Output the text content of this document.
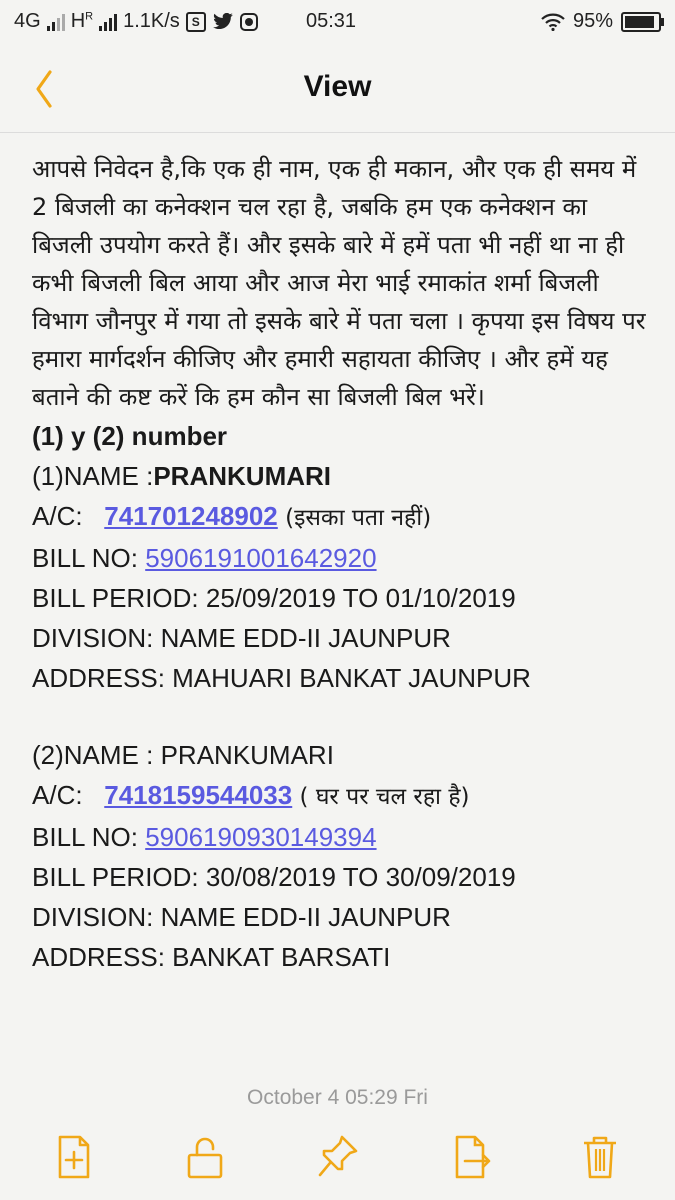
4G $H^R$ 1.1K/s S	05:31	95%
View

आपसे निवेदन है,कि एक ही नाम, एक ही मकान, और एक ही समय में 2 बिजली का कनेक्शन चल रहा है, जबकि हम एक कनेक्शन का बिजली उपयोग करते हैं। और इसके बारे में हमें पता भी नहीं था ना ही कभी बिजली बिल आया और आज मेरा भाई रमाकांत शर्मा बिजली विभाग जौनपुर में गया तो इसके बारे में पता चला । कृपया इस विषय पर हमारा मार्गदर्शन कीजिए और हमारी सहायता कीजिए । और हमें यह बताने की कष्ट करें कि हम कौन सा बिजली बिल भरें।

(1) y (2) number
(1)NAME :PRANKUMARI
A/C: 741701248902 (इसका पता नहीं)
BILL NO: 5906191001642920
BILL PERIOD: 25/09/2019 TO 01/10/2019
DIVISION: NAME EDD-II JAUNPUR
ADDRESS: MAHUARI BANKAT JAUNPUR
(2)NAME : PRANKUMARI
A/C: 7418159544033 ( घर पर चल रहा है)
BILL NO: 5906190930149394
BILL PERIOD: 30/08/2019 TO 30/09/2019
DIVISION: NAME EDD-II JAUNPUR
ADDRESS: BANKAT BARSATI
October 4 05:29 Fri
